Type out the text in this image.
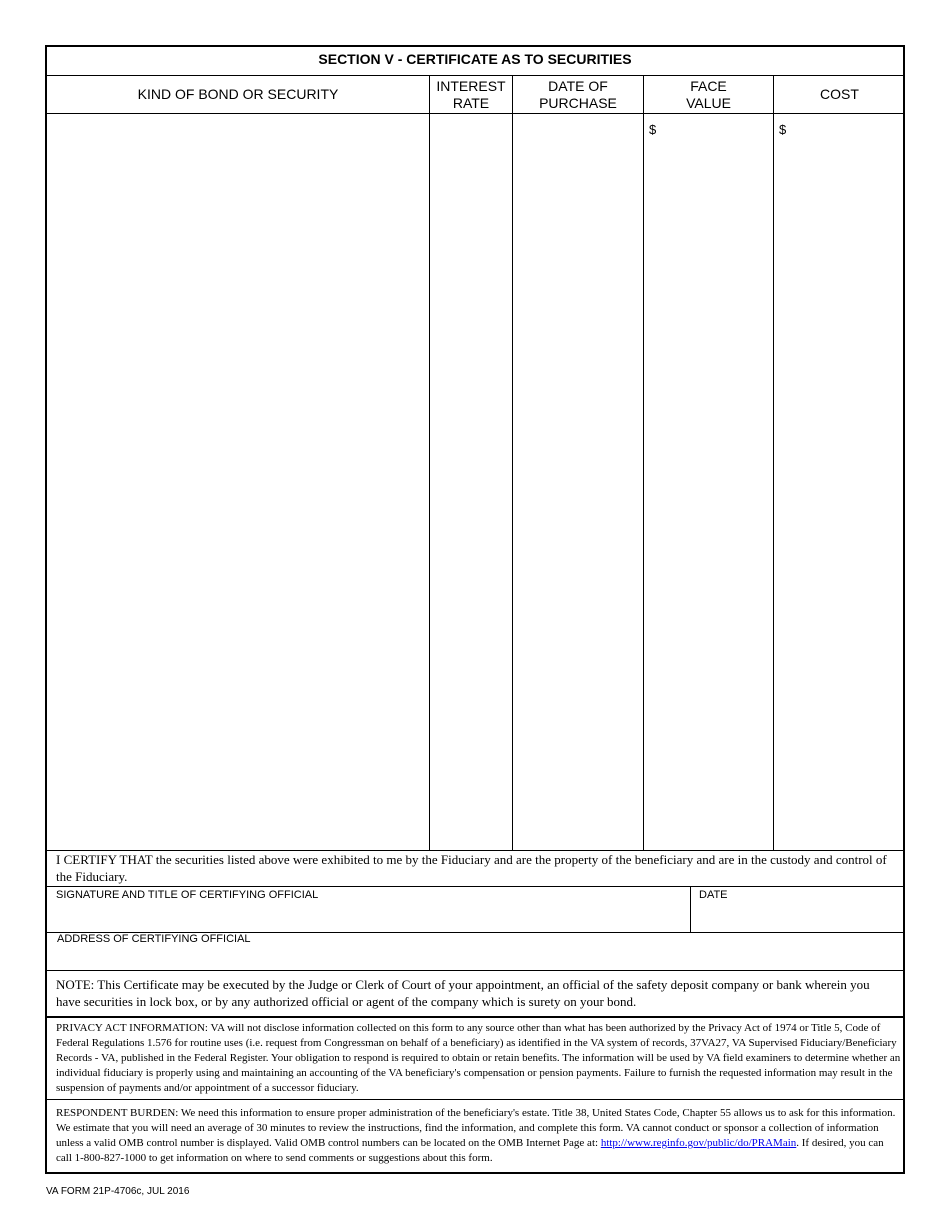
SECTION V - CERTIFICATE AS TO SECURITIES
KIND OF BOND OR SECURITY
INTEREST
RATE
DATE OF
PURCHASE
FACE
VALUE
COST
$	$
I CERTIFY THAT the securities listed above were exhibited to me by the Fiduciary and are the property of the beneficiary and are in the custody and control of the Fiduciary.
SIGNATURE AND TITLE OF CERTIFYING OFFICIAL	DATE
ADDRESS OF CERTIFYING OFFICIAL
NOTE: This Certificate may be executed by the Judge or Clerk of Court of your appointment, an official of the safety deposit company or bank wherein you have securities in lock box, or by any authorized official or agent of the company which is surety on your bond.
PRIVACY ACT INFORMATION: VA will not disclose information collected on this form to any source other than what has been authorized by the Privacy Act of 1974 or Title 5, Code of Federal Regulations 1.576 for routine uses (i.e. request from Congressman on behalf of a beneficiary) as identified in the VA system of records, 37VA27, VA Supervised Fiduciary/Beneficiary Records - VA, published in the Federal Register. Your obligation to respond is required to obtain or retain benefits. The information will be used by VA field examiners to determine whether an individual fiduciary is properly using and maintaining an accounting of the VA beneficiary's compensation or pension payments. Failure to furnish the requested information may result in the suspension of payments and/or appointment of a successor fiduciary.
RESPONDENT BURDEN: We need this information to ensure proper administration of the beneficiary's estate. Title 38, United States Code, Chapter 55 allows us to ask for this information. We estimate that you will need an average of 30 minutes to review the instructions, find the information, and complete this form. VA cannot conduct or sponsor a collection of information unless a valid OMB control number is displayed. Valid OMB control numbers can be located on the OMB Internet Page at: http://www.reginfo.gov/public/do/PRAMain. If desired, you can call 1-800-827-1000 to get information on where to send comments or suggestions about this form.
VA FORM 21P-4706c, JUL 2016
